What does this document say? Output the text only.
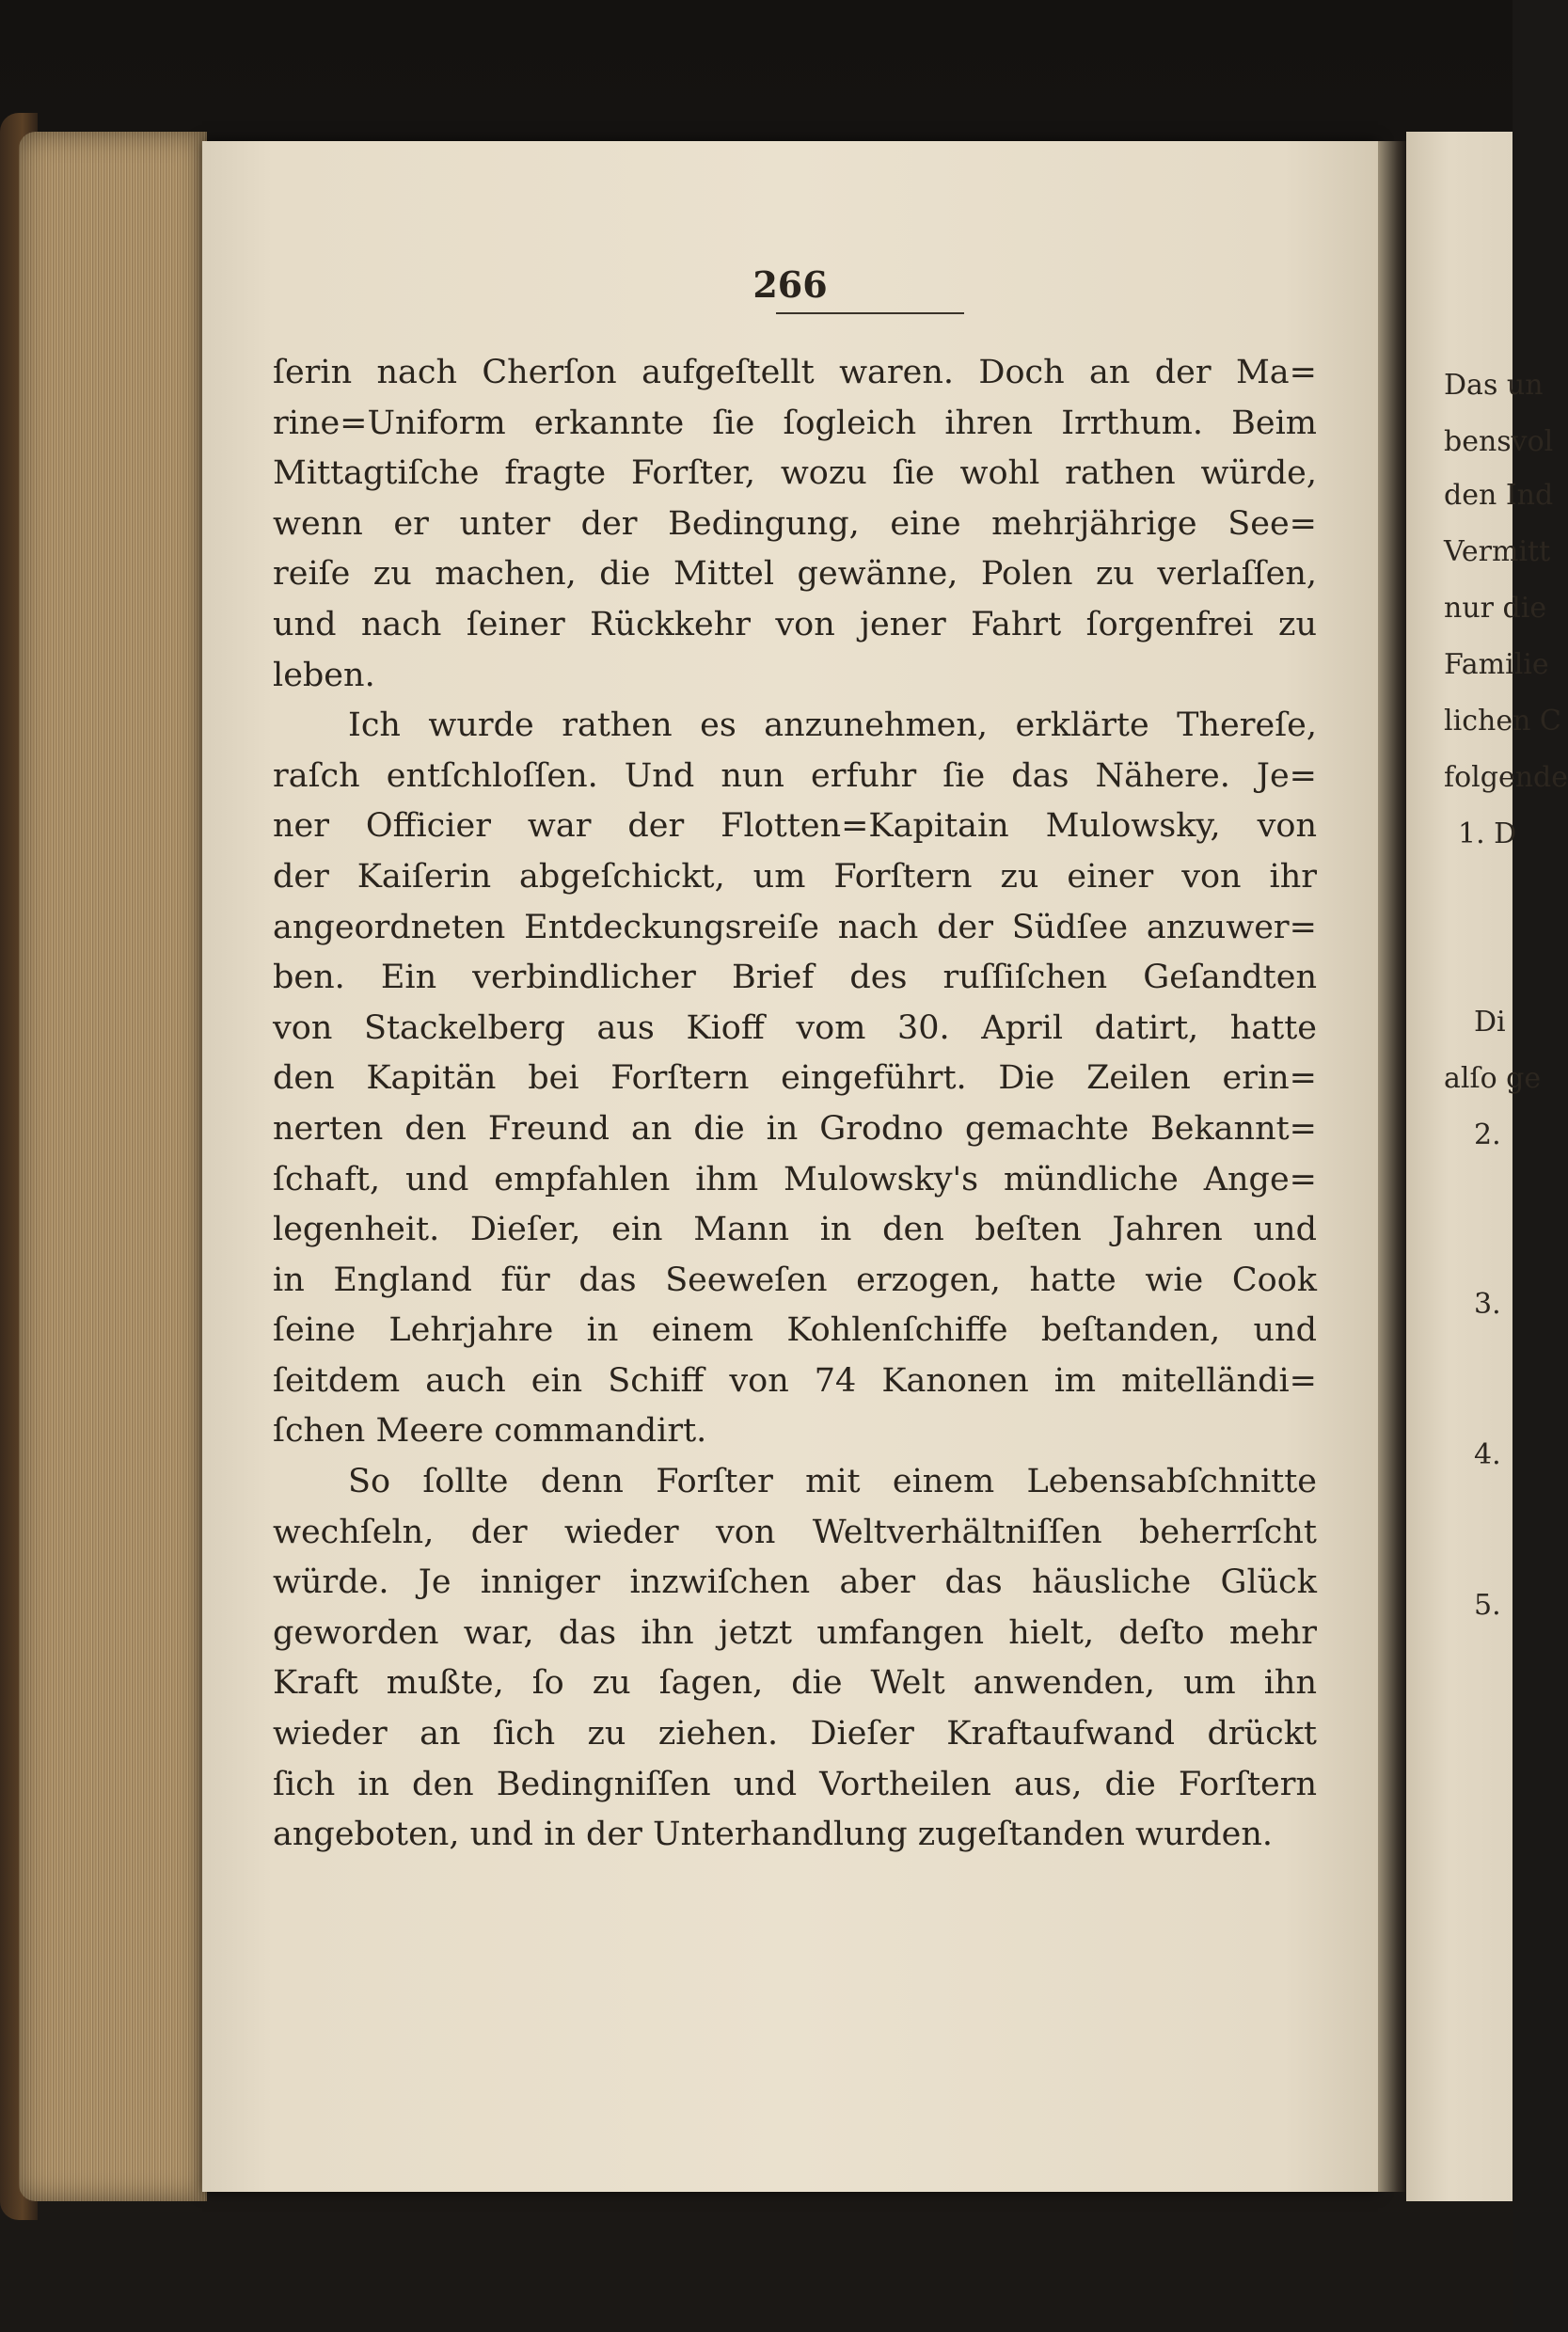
266
ſerin nach Cherſon aufgeſtellt waren. Doch an der Ma=
rine=Uniform erkannte ſie ſogleich ihren Irrthum. Beim
Mittagtiſche fragte Forſter, wozu ſie wohl rathen würde,
wenn er unter der Bedingung, eine mehrjährige See=
reiſe zu machen, die Mittel gewänne, Polen zu verlaſſen,
und nach ſeiner Rückkehr von jener Fahrt ſorgenfrei zu
leben.
Ich wurde rathen es anzunehmen, erklärte Thereſe,
raſch entſchloſſen. Und nun erfuhr ſie das Nähere. Je=
ner Officier war der Flotten=Kapitain Mulowsky, von
der Kaiſerin abgeſchickt, um Forſtern zu einer von ihr
angeordneten Entdeckungsreiſe nach der Südſee anzuwer=
ben. Ein verbindlicher Brief des ruſſiſchen Geſandten
von Stackelberg aus Kioff vom 30. April datirt, hatte
den Kapitän bei Forſtern eingeführt. Die Zeilen erin=
nerten den Freund an die in Grodno gemachte Bekannt=
ſchaft, und empfahlen ihm Mulowsky's mündliche Ange=
legenheit. Dieſer, ein Mann in den beſten Jahren und
in England für das Seeweſen erzogen, hatte wie Cook
ſeine Lehrjahre in einem Kohlenſchiffe beſtanden, und
ſeitdem auch ein Schiff von 74 Kanonen im mitelländi=
ſchen Meere commandirt.
So ſollte denn Forſter mit einem Lebensabſchnitte
wechſeln, der wieder von Weltverhältniſſen beherrſcht
würde. Je inniger inzwiſchen aber das häusliche Glück
geworden war, das ihn jetzt umfangen hielt, deſto mehr
Kraft mußte, ſo zu ſagen, die Welt anwenden, um ihn
wieder an ſich zu ziehen. Dieſer Kraftaufwand drückt
ſich in den Bedingniſſen und Vortheilen aus, die Forſtern
angeboten, und in der Unterhandlung zugeſtanden wurden.
Das un
bensvol
den Ind
Vermitt
nur die
Familie
lichen C
folgende
1. D
Di
alſo ge
2.
3.
4.
5.
